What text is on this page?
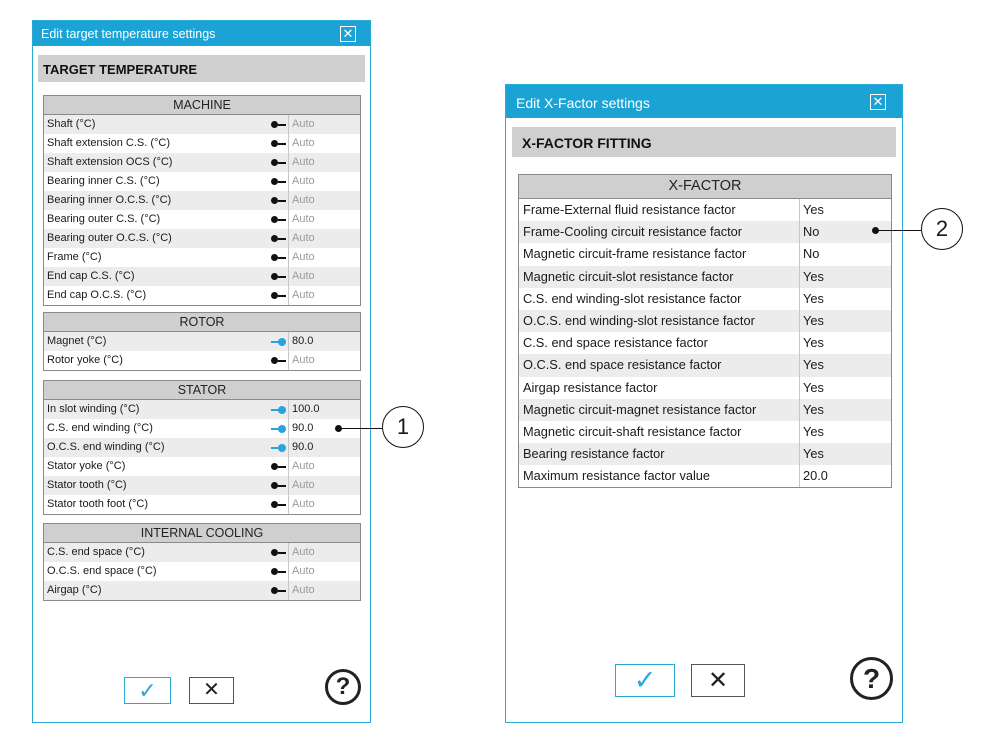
Edit target temperature settings	✕
TARGET TEMPERATURE
MACHINE
Shaft (°C)	Auto
Shaft extension C.S. (°C)	Auto
Shaft extension OCS (°C)	Auto
Bearing inner C.S. (°C)	Auto
Bearing inner O.C.S. (°C)	Auto
Bearing outer C.S. (°C)	Auto
Bearing outer O.C.S. (°C)	Auto
Frame (°C)	Auto
End cap C.S. (°C)	Auto
End cap O.C.S. (°C)	Auto
ROTOR
Magnet (°C)	80.0
Rotor yoke (°C)	Auto
STATOR
In slot winding (°C)	100.0
C.S. end winding (°C)	90.0
O.C.S. end winding (°C)	90.0
Stator yoke (°C)	Auto
Stator tooth (°C)	Auto
Stator tooth foot (°C)	Auto
INTERNAL COOLING
C.S. end space (°C)	Auto
O.C.S. end space (°C)	Auto
Airgap (°C)	Auto
✓	✕	?
Edit X-Factor settings	✕
X-FACTOR FITTING
X-FACTOR
Frame-External fluid resistance factor	Yes
Frame-Cooling circuit resistance factor	No
Magnetic circuit-frame resistance factor	No
Magnetic circuit-slot resistance factor	Yes
C.S. end winding-slot resistance factor	Yes
O.C.S. end winding-slot resistance factor	Yes
C.S. end space resistance factor	Yes
O.C.S. end space resistance factor	Yes
Airgap resistance factor	Yes
Magnetic circuit-magnet resistance factor	Yes
Magnetic circuit-shaft resistance factor	Yes
Bearing resistance factor	Yes
Maximum resistance factor value	20.0
✓	✕	?
1
2
